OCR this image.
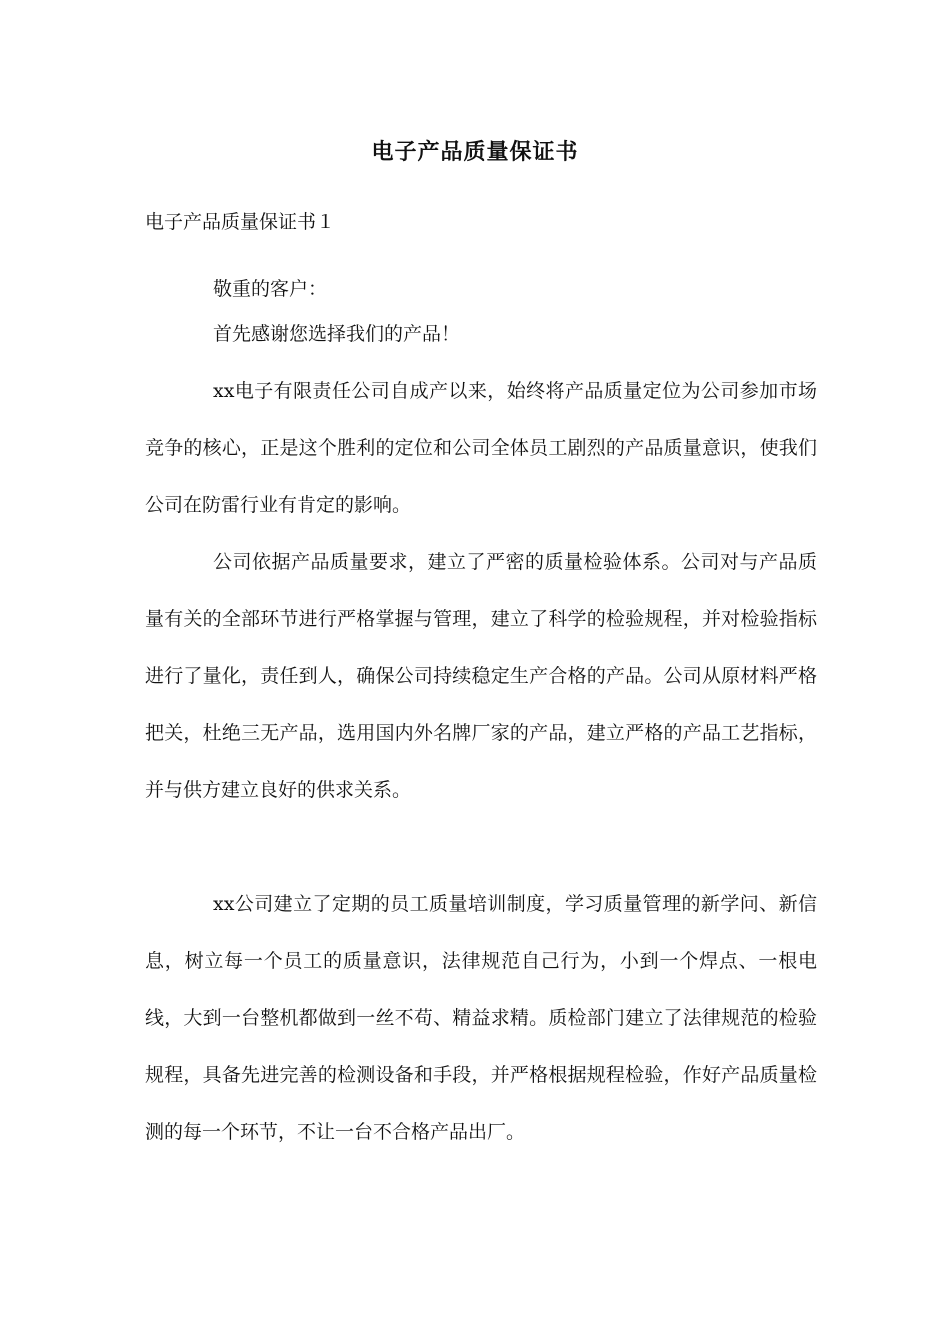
电子产品质量保证书
电子产品质量保证书１

敬重的客户：

首先感谢您选择我们的产品！

xx电子有限责任公司自成产以来，始终将产品质量定位为公司参加市场竞争的核心，正是这个胜利的定位和公司全体员工剧烈的产品质量意识，使我们公司在防雷行业有肯定的影响。

公司依据产品质量要求，建立了严密的质量检验体系。公司对与产品质量有关的全部环节进行严格掌握与管理，建立了科学的检验规程，并对检验指标进行了量化，责任到人，确保公司持续稳定生产合格的产品。公司从原材料严格把关，杜绝三无产品，选用国内外名牌厂家的产品，建立严格的产品工艺指标，并与供方建立良好的供求关系。

xx公司建立了定期的员工质量培训制度，学习质量管理的新学问、新信息，树立每一个员工的质量意识，法律规范自己行为，小到一个焊点、一根电线，大到一台整机都做到一丝不苟、精益求精。质检部门建立了法律规范的检验规程，具备先进完善的检测设备和手段，并严格根据规程检验，作好产品质量检测的每一个环节，不让一台不合格产品出厂。
